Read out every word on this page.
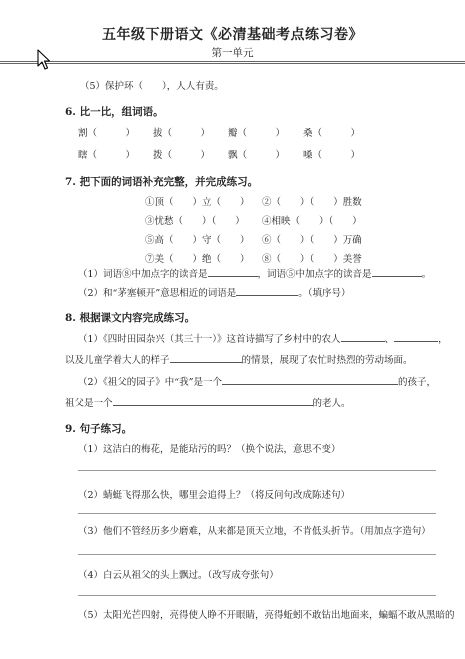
五年级下册语文《必清基础考点练习卷》
第一单元
（5）保护环（　　），人人有责。
6. 比一比，组词语。
割（　　　）	拔（　　　）	瓣（　　　）	桑（　　　）
瞎（　　　）	拨（　　　）	飘（　　　）	嗓（　　　）
7. 把下面的词语补充完整，并完成练习。
①顶（　　）立（　　） ②（　　）（　　）胜数
③忧愁（　　）（　　） ④相映（　　）（　　）
⑤高（　　）守（　　） ⑥（　　）（　　）万确
⑦美（　　）绝（　　） ⑧（　　）（　　）美誉
（1）词语⑧中加点字的读音是	，词语⑤中加点字的读音是	。
（2）和“茅塞顿开”意思相近的词语是	。（填序号）
8. 根据课文内容完成练习。
（1）《四时田园杂兴（其三十一）》这首诗描写了乡村中的农人	、	，
以及儿童学着大人的样子	的情景，展现了农忙时热烈的劳动场面。
（2）《祖父的园子》中“我”是一个	的孩子，
祖父是一个	的老人。
9. 句子练习。
（1）这洁白的梅花，是能玷污的吗？（换个说法，意思不变）
（2）蜻蜓飞得那么快，哪里会追得上？（将反问句改成陈述句）
（3）他们不管经历多少磨难，从来都是顶天立地，不肯低头折节。（用加点字造句）
（4）白云从祖父的头上飘过。（改写成夸张句）
（5）太阳光芒四射，亮得使人睁不开眼睛，亮得蚯蚓不敢钻出地面来，蝙蝠不敢从黑暗的
